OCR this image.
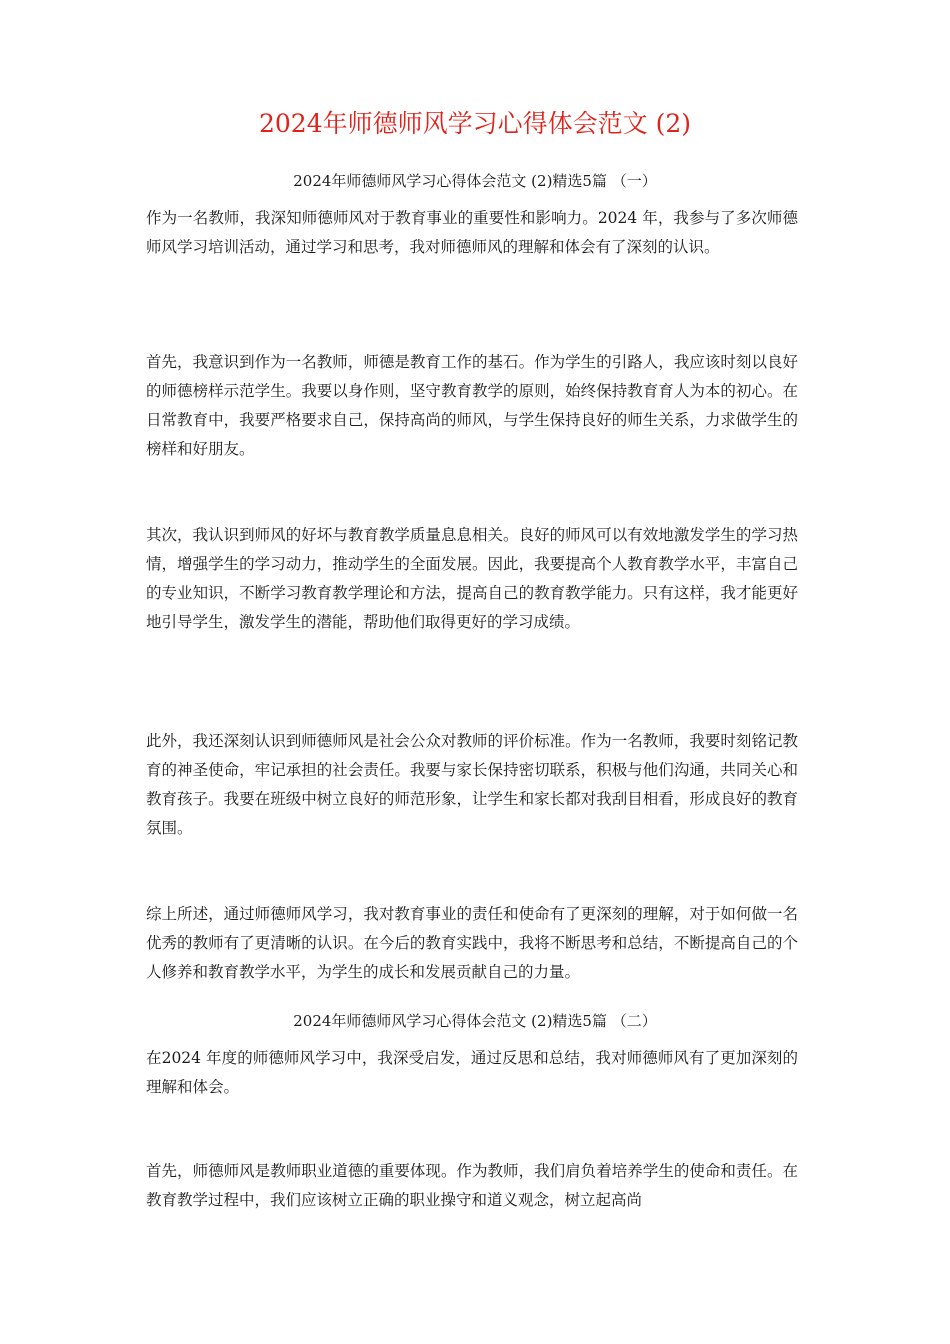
2024年师德师风学习心得体会范文 (2)
2024年师德师风学习心得体会范文 (2)精选5篇 （一）

作为一名教师，我深知师德师风对于教育事业的重要性和影响力。2024 年，我参与了多次师德师风学习培训活动，通过学习和思考，我对师德师风的理解和体会有了深刻的认识。

首先，我意识到作为一名教师，师德是教育工作的基石。作为学生的引路人，我应该时刻以良好的师德榜样示范学生。我要以身作则，坚守教育教学的原则，始终保持教育育人为本的初心。在日常教育中，我要严格要求自己，保持高尚的师风，与学生保持良好的师生关系，力求做学生的榜样和好朋友。

其次，我认识到师风的好坏与教育教学质量息息相关。良好的师风可以有效地激发学生的学习热情，增强学生的学习动力，推动学生的全面发展。因此，我要提高个人教育教学水平，丰富自己的专业知识，不断学习教育教学理论和方法，提高自己的教育教学能力。只有这样，我才能更好地引导学生，激发学生的潜能，帮助他们取得更好的学习成绩。

此外，我还深刻认识到师德师风是社会公众对教师的评价标准。作为一名教师，我要时刻铭记教育的神圣使命，牢记承担的社会责任。我要与家长保持密切联系，积极与他们沟通，共同关心和教育孩子。我要在班级中树立良好的师范形象，让学生和家长都对我刮目相看，形成良好的教育氛围。

综上所述，通过师德师风学习，我对教育事业的责任和使命有了更深刻的理解，对于如何做一名优秀的教师有了更清晰的认识。在今后的教育实践中，我将不断思考和总结，不断提高自己的个人修养和教育教学水平，为学生的成长和发展贡献自己的力量。

2024年师德师风学习心得体会范文 (2)精选5篇 （二）

在2024 年度的师德师风学习中，我深受启发，通过反思和总结，我对师德师风有了更加深刻的理解和体会。

首先，师德师风是教师职业道德的重要体现。作为教师，我们肩负着培养学生的使命和责任。在教育教学过程中，我们应该树立正确的职业操守和道义观念，树立起高尚
